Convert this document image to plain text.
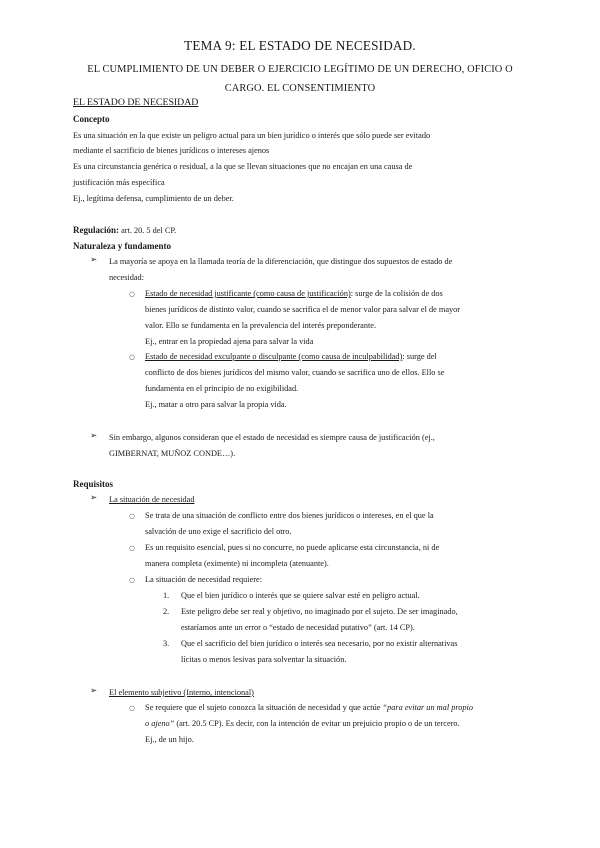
TEMA 9: EL ESTADO DE NECESIDAD.
EL CUMPLIMIENTO DE UN DEBER O EJERCICIO LEGÍTIMO DE UN DERECHO, OFICIO O
CARGO. EL CONSENTIMIENTO
EL ESTADO DE NECESIDAD
Concepto
Es una situación en la que existe un peligro actual para un bien jurídico o interés que sólo puede ser evitado
mediante el sacrificio de bienes jurídicos o intereses ajenos
Es una circunstancia genérica o residual, a la que se llevan situaciones que no encajan en una causa de
justificación más específica
Ej., legítima defensa, cumplimiento de un deber.
Regulación: art. 20. 5 del CP.
Naturaleza y fundamento
➢ La mayoría se apoya en la llamada teoría de la diferenciación, que distingue dos supuestos de estado de
necesidad:
○ Estado de necesidad justificante (como causa de justificación): surge de la colisión de dos
bienes jurídicos de distinto valor, cuando se sacrifica el de menor valor para salvar el de mayor
valor. Ello se fundamenta en la prevalencia del interés preponderante.
Ej., entrar en la propiedad ajena para salvar la vida
○ Estado de necesidad exculpante o disculpante (como causa de inculpabilidad): surge del
conflicto de dos bienes jurídicos del mismo valor, cuando se sacrifica uno de ellos. Ello se
fundamenta en el principio de no exigibilidad.
Ej., matar a otro para salvar la propia vida.
➢ Sin embargo, algunos consideran que el estado de necesidad es siempre causa de justificación (ej.,
GIMBERNAT, MUÑOZ CONDE…).
Requisitos
➢ La situación de necesidad
○ Se trata de una situación de conflicto entre dos bienes jurídicos o intereses, en el que la
salvación de uno exige el sacrificio del otro.
○ Es un requisito esencial, pues si no concurre, no puede aplicarse esta circunstancia, ni de
manera completa (eximente) ni incompleta (atenuante).
○ La situación de necesidad requiere:
1. Que el bien jurídico o interés que se quiere salvar esté en peligro actual.
2. Este peligro debe ser real y objetivo, no imaginado por el sujeto. De ser imaginado,
estaríamos ante un error o “estado de necesidad putativo” (art. 14 CP).
3. Que el sacrificio del bien jurídico o interés sea necesario, por no existir alternativas
lícitas o menos lesivas para solventar la situación.
➢ El elemento subjetivo (Interno, intencional)
○ Se requiere que el sujeto conozca la situación de necesidad y que actúe “para evitar un mal propio
o ajeno” (art. 20.5 CP). Es decir, con la intención de evitar un prejuicio propio o de un tercero.
Ej., de un hijo.
